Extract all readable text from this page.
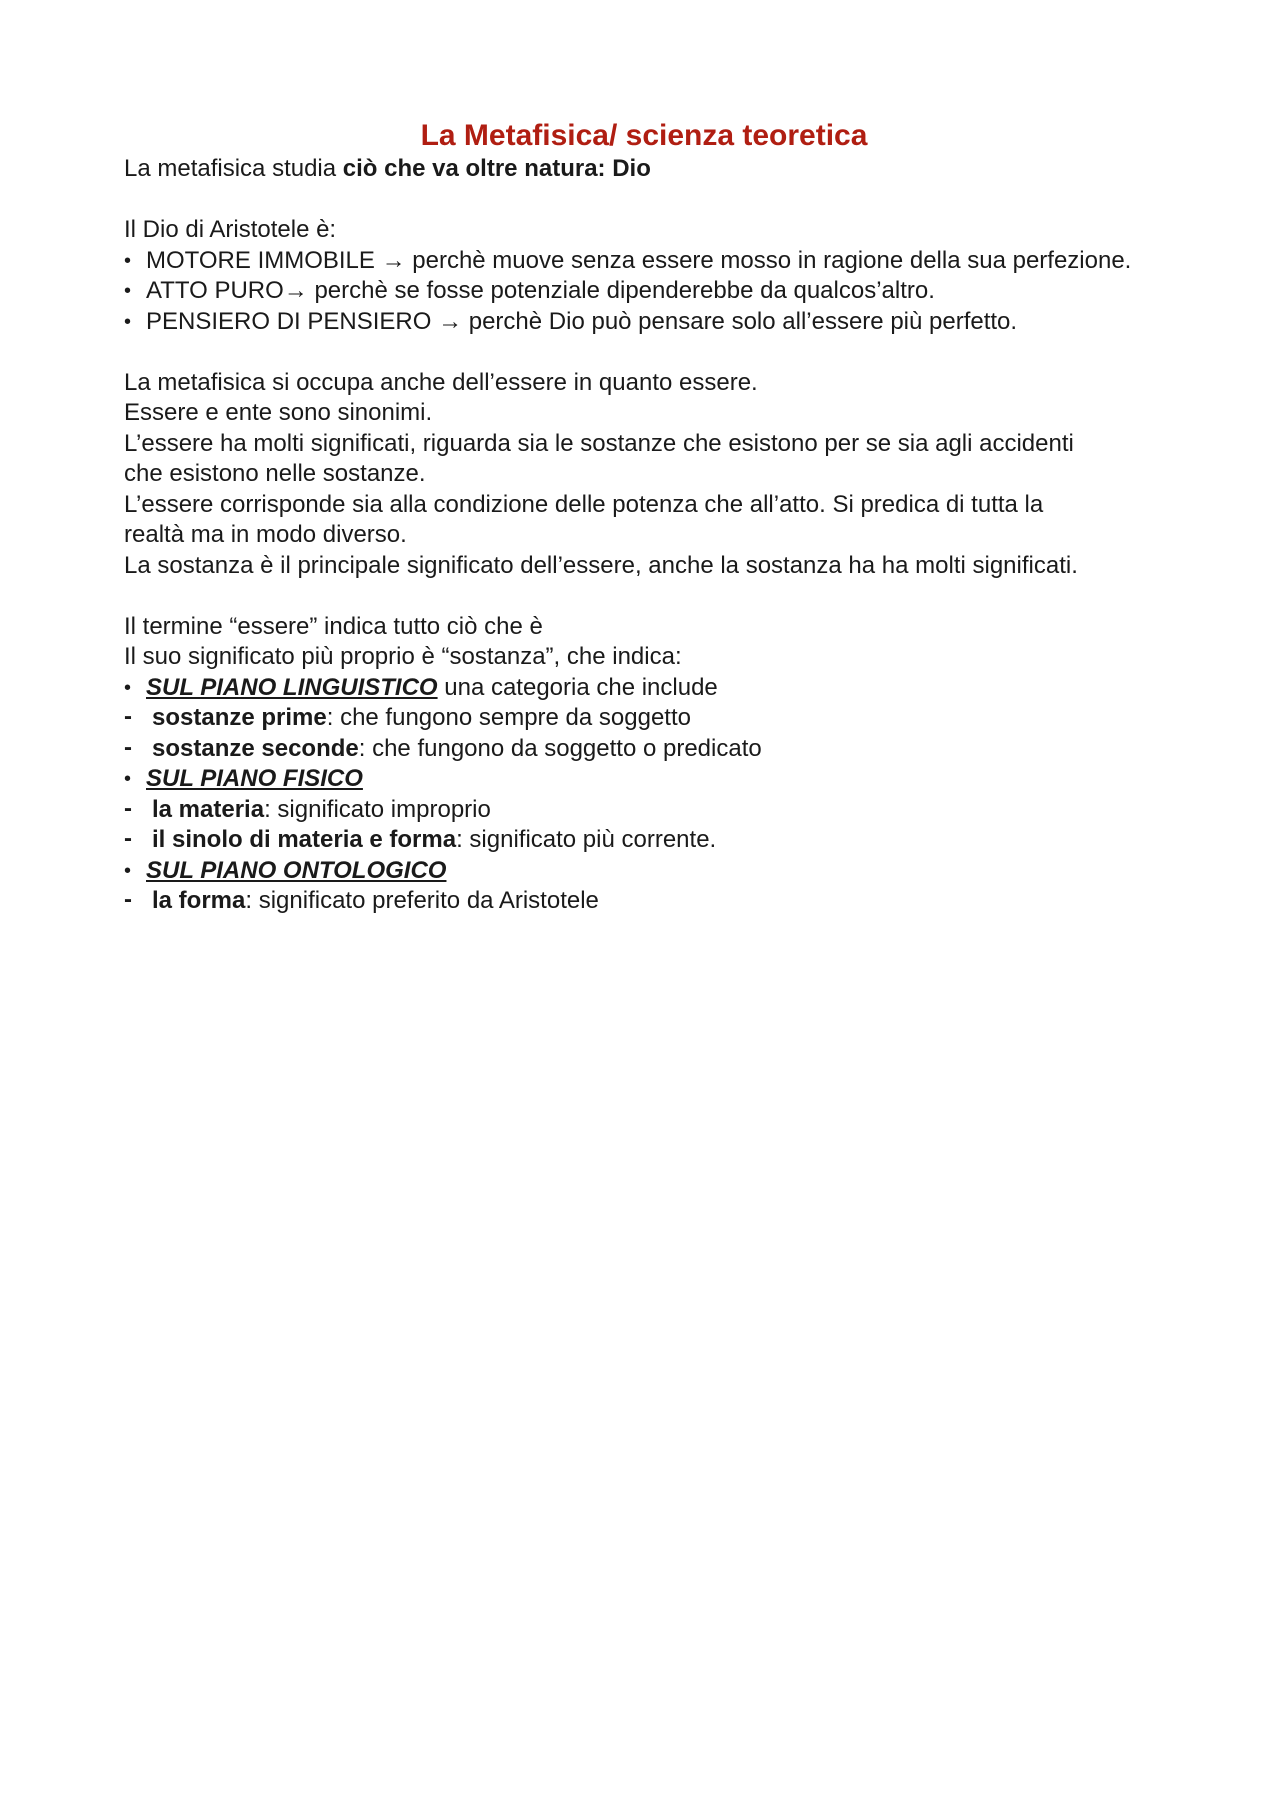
La Metafisica/ scienza teoretica

La metafisica studia ciò che va oltre natura: Dio

Il Dio di Aristotele è:

• MOTORE IMMOBILE → perchè muove senza essere mosso in ragione della sua perfezione.

• ATTO PURO→ perchè se fosse potenziale dipenderebbe da qualcos’altro.

• PENSIERO DI PENSIERO → perchè Dio può pensare solo all’essere più perfetto.

La metafisica si occupa anche dell’essere in quanto essere.

Essere e ente sono sinonimi.

L’essere ha molti significati, riguarda sia le sostanze che esistono per se sia agli accidenti

che esistono nelle sostanze.

L’essere corrisponde sia alla condizione delle potenza che all’atto. Si predica di tutta la

realtà ma in modo diverso.

La sostanza è il principale significato dell’essere, anche la sostanza ha ha molti significati.

Il termine “essere” indica tutto ciò che è

Il suo significato più proprio è “sostanza”, che indica:

• SUL PIANO LINGUISTICO una categoria che include

- sostanze prime: che fungono sempre da soggetto

- sostanze seconde: che fungono da soggetto o predicato

• SUL PIANO FISICO

- la materia: significato improprio

- il sinolo di materia e forma: significato più corrente.

• SUL PIANO ONTOLOGICO

- la forma: significato preferito da Aristotele
